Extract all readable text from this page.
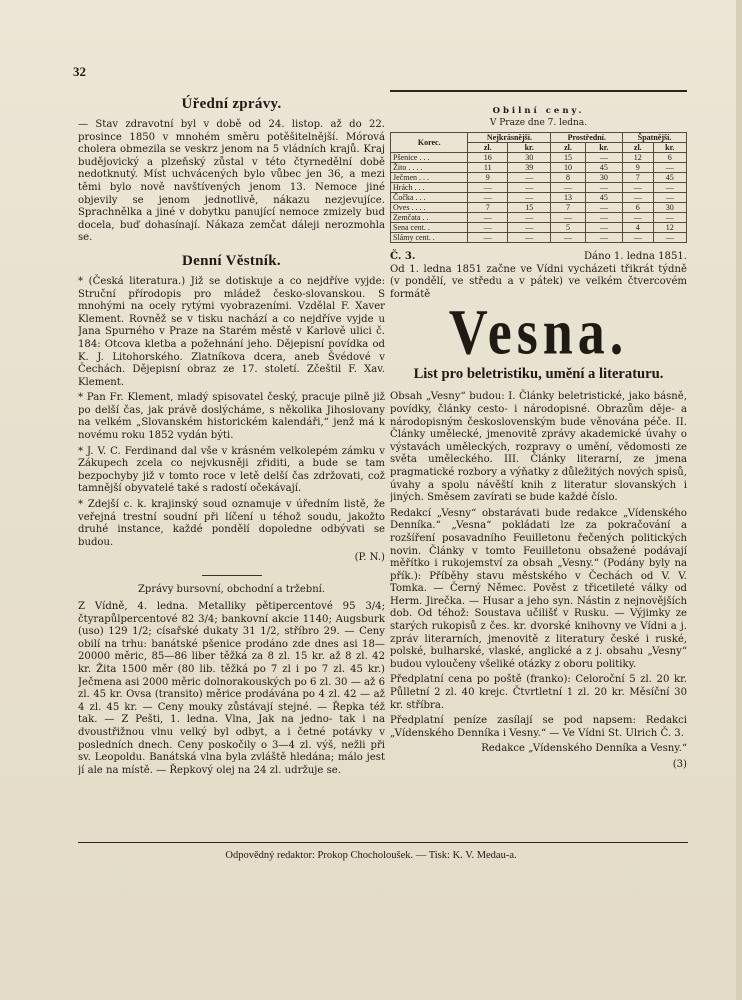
32
Úřední zprávy.

— Stav zdravotní byl v době od 24. listop. až do 22. prosince 1850 v mnohém směru potěšitelnější. Mórová cholera obmezila se veskrz jenom na 5 vládních krajů. Kraj budějovický a plzeňský zůstal v této čtyrnedělní době nedotknutý. Míst uchvácených bylo vůbec jen 36, a mezi těmi bylo nově navštívených jenom 13. Nemoce jiné objevily se jenom jednotlivě, nákazu nezjevujíce. Sprachnělka a jiné v dobytku panující nemoce zmizely buď docela, buď dohasínají. Nákaza zemčat dáleji nerozmohla se.

Denní Věstník.

* (Česká literatura.) Již se dotiskuje a co nejdříve vyjde: Struční přírodopis pro mládež česko-slovanskou. S mnohými na ocely rytými vyobrazeními. Vzdělal F. Xaver Klement. Rovněž se v tisku nachází a co nejdříve vyjde u Jana Spurného v Praze na Starém městě v Karlově ulici č. 184: Otcova kletba a požehnání jeho. Dějepisní povídka od K. J. Litohorského. Zlatníkova dcera, aneb Švédové v Čechách. Dějepisní obraz ze 17. století. Zčeštil F. Xav. Klement.

* Pan Fr. Klement, mladý spisovatel český, pracuje pilně již po delší čas, jak právě doslýcháme, s několika Jihoslovany na velkém „Slovanském historickém kalendáři,“ jenž má k novému roku 1852 vydán býti.

* J. V. C. Ferdinand dal vše v krásném velkolepém zámku v Zákupech zcela co nejvkusněji zřiditi, a bude se tam bezpochyby již v tomto roce v letě delší čas zdržovati, což tamnější obyvatelé také s radostí očekávají.

* Zdejší c. k. krajinský soud oznamuje v úředním listě, že veřejná trestní soudní při líčení u téhož soudu, jakožto druhé instance, každé pondělí dopoledne odbývati se budou.

(P. N.)

Zprávy bursovní, obchodní a tržební.

Z Vídně, 4. ledna. Metalliky pětipercentové 95 3/4; čtyrapůlpercentové 82 3/4; bankovní akcie 1140; Augsburk (uso) 129 1/2; císařské dukaty 31 1/2, stříbro 29. — Ceny obilí na trhu: banátské pšenice prodáno zde dnes asi 18—20000 měric, 85—86 liber těžká za 8 zl. 15 kr. až 8 zl. 42 kr. Žita 1500 měr (80 lib. těžká po 7 zl i po 7 zl. 45 kr.) Ječmena asi 2000 měric dolnorakouských po 6 zl. 30 — až 6 zl. 45 kr. Ovsa (transito) měrice prodávána po 4 zl. 42 — až 4 zl. 45 kr. — Ceny mouky zůstávají stejné. — Řepka též tak. — Z Pešti, 1. ledna. Vlna, Jak na jedno- tak i na dvoustřižnou vlnu velký byl odbyt, a i četné potávky v posledních dnech. Ceny poskočily o 3—4 zl. výš, nežli při sv. Leopoldu. Banátská vlna byla zvláště hledána; málo jest jí ale na místě. — Řepkový olej na 24 zl. udržuje se.

Obilní ceny.
V Praze dne 7. ledna.
Korec.	Nejkrásnější.		Prostřední.		Špatnější.	
	zl.	kr.	zl.	kr.	zl.	kr.
Pšenice . . .	16	30	15	—	12	6
Žito . . . .	11	39	10	45	9	—
Ječmen . . .	9	—	8	30	7	45
Hrách . . .	—	—	—	—	—	—
Čočka . . .	—	—	13	45	—	—
Oves . . . .	7	15	7	—	6	30
Zemčata . .	—	—	—	—	—	—
Sena cent. .	—	—	5	—	4	12
Slámy cent. .	—	—	—	—	—	—
Č. 3.	Dáno 1. ledna 1851.

Od 1. ledna 1851 začne ve Vídni vycházeti třikrát týdně (v pondělí, ve středu a v pátek) ve velkém čtvercovém formátě

Vesna.
List pro beletristiku, umění a literaturu.

Obsah „Vesny“ budou: I. Články beletristické, jako básně, povídky, články cesto- i národopisné. Obrazům děje- a národopisným československým bude věnována péče. II. Články umělecké, jmenovitě zprávy akademické úvahy o výstavách uměleckých, rozpravy o umění, vědomosti ze světa uměleckého. III. Články literarní, ze jmena pragmatické rozbory a výňatky z důležitých nových spisů, úvahy a spolu návěští knih z literatur slovanských i jiných. Směsem zavírati se bude každé číslo.

Redakcí „Vesny“ obstarávati bude redakce „Vídenského Denníka.“ „Vesna“ pokládati lze za pokračování a rozšíření posavadního Feuilletonu řečených politických novin. Články v tomto Feuilletonu obsažené podávají měřítko i rukojemství za obsah „Vesny.“ (Podány byly na přík.): Příběhy stavu městského v Čechách od V. V. Tomka. — Černý Němec. Pověst z třicetileté války od Herm. Jirečka. — Husar a jeho syn. Nástin z nejnovějších dob. Od téhož: Soustava učilišť v Rusku. — Výjimky ze starých rukopisů z čes. kr. dvorské knihovny ve Vídni a j. zpráv literarních, jmenovitě z literatury české i ruské, polské, bulharské, vlaské, anglické a z j. obsahu „Vesny“ budou vyloučeny všeliké otázky z oboru politiky.

Předplatní cena po poště (franko): Celoroční 5 zl. 20 kr. Půlletní 2 zl. 40 krejc. Čtvrtletní 1 zl. 20 kr. Měsíční 30 kr. stříbra.

Předplatní peníze zasílají se pod napsem: Redakci „Vídenského Denníka i Vesny.“ — Ve Vídni St. Ulrich Č. 3.

Redakce „Vídenského Denníka a Vesny.“

(3)

Odpovědný redaktor: Prokop Chocholoušek. — Tisk: K. V. Medau-a.
